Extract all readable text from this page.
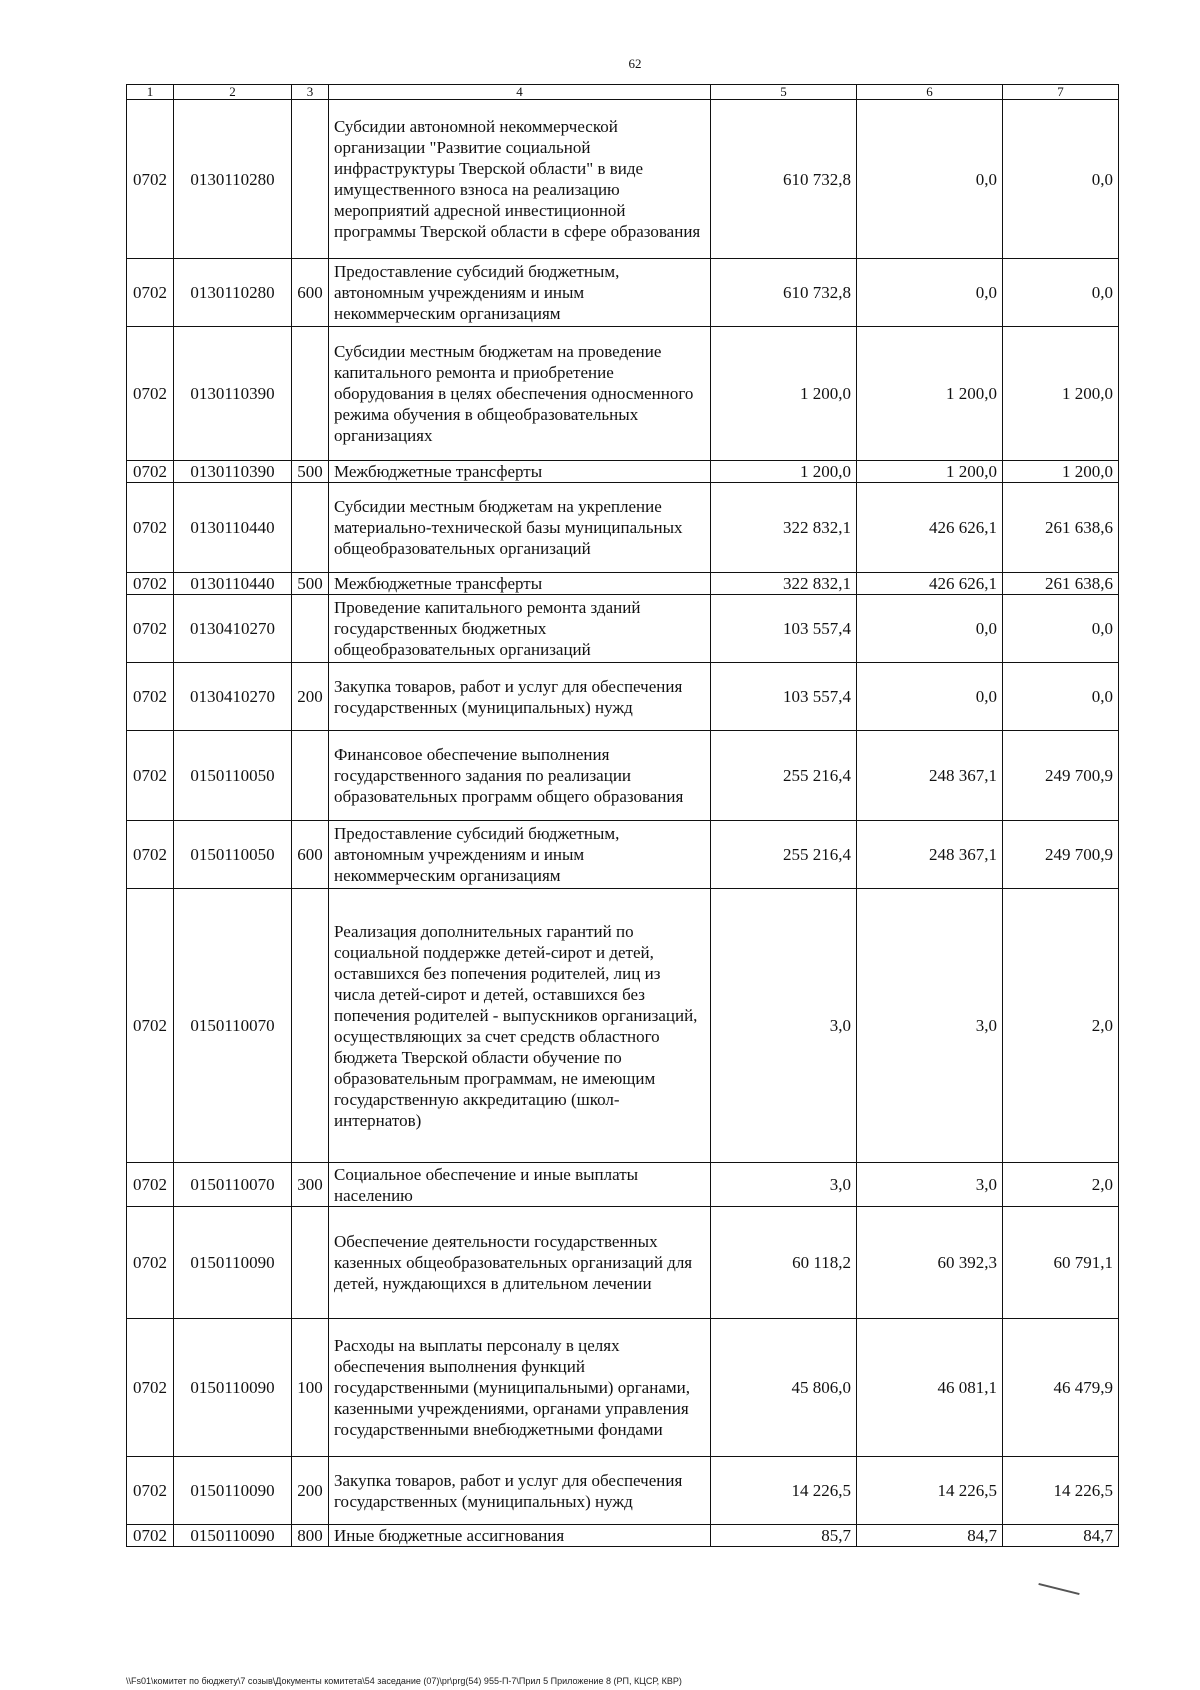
62
1	2	3	4	5	6	7
0702	0130110280		Субсидии автономной некоммерческой организации "Развитие социальной инфраструктуры Тверской области" в виде имущественного взноса на реализацию мероприятий адресной инвестиционной программы Тверской области в сфере образования	610 732,8	0,0	0,0
0702	0130110280	600	Предоставление субсидий бюджетным, автономным учреждениям и иным некоммерческим организациям	610 732,8	0,0	0,0
0702	0130110390		Субсидии местным бюджетам на проведение капитального ремонта и приобретение оборудования в целях обеспечения односменного режима обучения в общеобразовательных организациях	1 200,0	1 200,0	1 200,0
0702	0130110390	500	Межбюджетные трансферты	1 200,0	1 200,0	1 200,0
0702	0130110440		Субсидии местным бюджетам на укрепление материально-технической базы муниципальных общеобразовательных организаций	322 832,1	426 626,1	261 638,6
0702	0130110440	500	Межбюджетные трансферты	322 832,1	426 626,1	261 638,6
0702	0130410270		Проведение капитального ремонта зданий государственных бюджетных общеобразовательных организаций	103 557,4	0,0	0,0
0702	0130410270	200	Закупка товаров, работ и услуг для обеспечения государственных (муниципальных) нужд	103 557,4	0,0	0,0
0702	0150110050		Финансовое обеспечение выполнения государственного задания по реализации образовательных программ общего образования	255 216,4	248 367,1	249 700,9
0702	0150110050	600	Предоставление субсидий бюджетным, автономным учреждениям и иным некоммерческим организациям	255 216,4	248 367,1	249 700,9
0702	0150110070		Реализация дополнительных гарантий по социальной поддержке детей-сирот и детей, оставшихся без попечения родителей, лиц из числа детей-сирот и детей, оставшихся без попечения родителей - выпускников организаций, осуществляющих за счет средств областного бюджета Тверской области обучение по образовательным программам, не имеющим государственную аккредитацию (школ-интернатов)	3,0	3,0	2,0
0702	0150110070	300	Социальное обеспечение и иные выплаты населению	3,0	3,0	2,0
0702	0150110090		Обеспечение деятельности государственных казенных общеобразовательных организаций для детей, нуждающихся в длительном лечении	60 118,2	60 392,3	60 791,1
0702	0150110090	100	Расходы на выплаты персоналу в целях обеспечения выполнения функций государственными (муниципальными) органами, казенными учреждениями, органами управления государственными внебюджетными фондами	45 806,0	46 081,1	46 479,9
0702	0150110090	200	Закупка товаров, работ и услуг для обеспечения государственных (муниципальных) нужд	14 226,5	14 226,5	14 226,5
0702	0150110090	800	Иные бюджетные ассигнования	85,7	84,7	84,7
\\Fs01\комитет по бюджету\7 созыв\Документы комитета\54 заседание (07)\pr\prg(54) 955-П-7\Прил 5 Приложение 8 (РП, КЦСР, КВР)
